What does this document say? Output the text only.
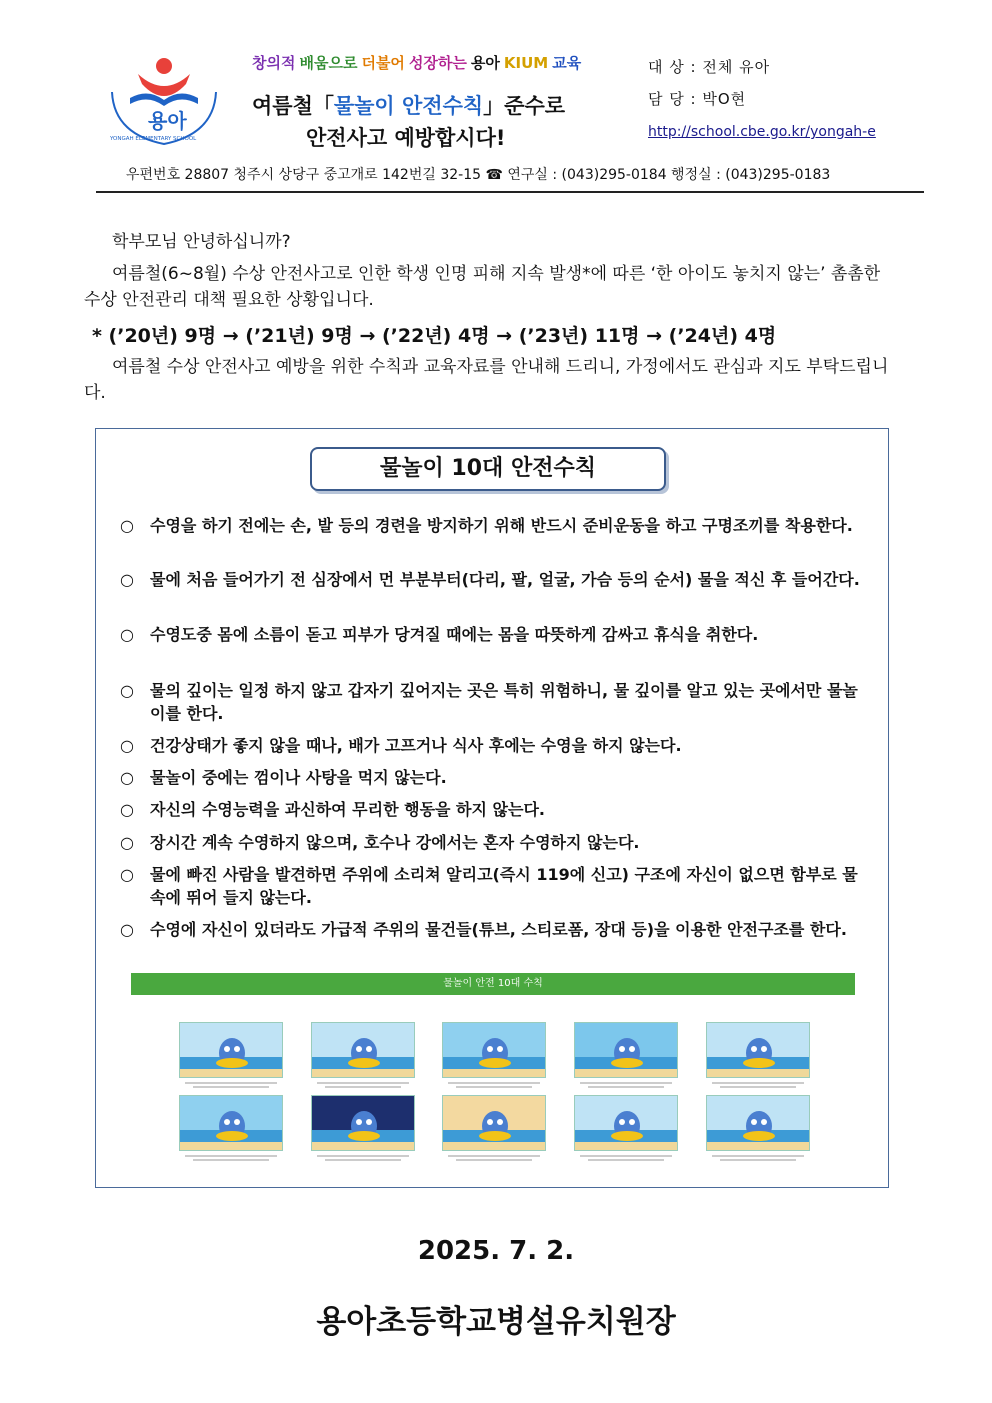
용아
YONGAH ELEMENTARY SCHOOL
창의적 배움으로 더불어 성장하는 용아 KIUM 교육
여름철「물놀이 안전수칙」준수로
안전사고 예방합시다!
대 상 : 전체 유아
담 당 : 박O현
http://school.cbe.go.kr/yongah-e
우편번호 28807 청주시 상당구 중고개로 142번길 32-15 ☎ 연구실 : (043)295-0184 행정실 : (043)295-0183
학부모님 안녕하십니까?
여름철(6~8월) 수상 안전사고로 인한 학생 인명 피해 지속 발생*에 따른 ‘한 아이도 놓치지 않는’ 촘촘한 수상 안전관리 대책 필요한 상황입니다.
* (’20년) 9명 → (’21년) 9명 → (’22년) 4명 → (’23년) 11명 → (’24년) 4명
여름철 수상 안전사고 예방을 위한 수칙과 교육자료를 안내해 드리니, 가정에서도 관심과 지도 부탁드립니다.
물놀이 10대 안전수칙
○	수영을 하기 전에는 손, 발 등의 경련을 방지하기 위해 반드시 준비운동을 하고 구명조끼를 착용한다.
○	물에 처음 들어가기 전 심장에서 먼 부분부터(다리, 팔, 얼굴, 가슴 등의 순서) 물을 적신 후 들어간다.
○	수영도중 몸에 소름이 돋고 피부가 당겨질 때에는 몸을 따뜻하게 감싸고 휴식을 취한다.
○	물의 깊이는 일정 하지 않고 갑자기 깊어지는 곳은 특히 위험하니, 물 깊이를 알고 있는 곳에서만 물놀이를 한다.
○	건강상태가 좋지 않을 때나, 배가 고프거나 식사 후에는 수영을 하지 않는다.
○	물놀이 중에는 껌이나 사탕을 먹지 않는다.
○	자신의 수영능력을 과신하여 무리한 행동을 하지 않는다.
○	장시간 계속 수영하지 않으며, 호수나 강에서는 혼자 수영하지 않는다.
○	물에 빠진 사람을 발견하면 주위에 소리쳐 알리고(즉시 119에 신고) 구조에 자신이 없으면 함부로 물속에 뛰어 들지 않는다.
○	수영에 자신이 있더라도 가급적 주위의 물건들(튜브, 스티로폼, 장대 등)을 이용한 안전구조를 한다.
물놀이 안전 10대 수칙
2025. 7. 2.
용아초등학교병설유치원장
